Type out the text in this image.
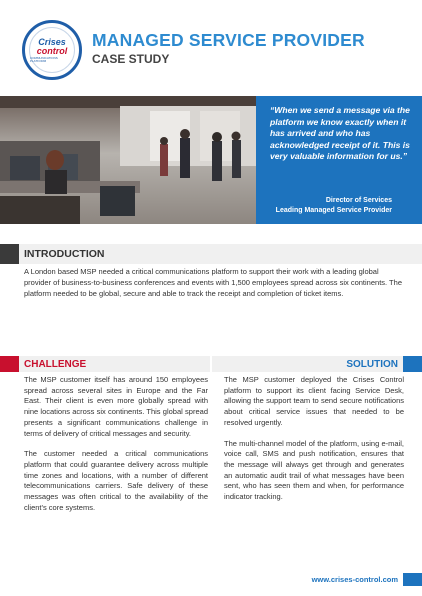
Crises
control
COMMUNICATIONS PLATFORM
MANAGED SERVICE PROVIDER
CASE STUDY

“When we send a message via the platform we know exactly when it has arrived and who has acknowledged receipt of it. This is very valuable information for us.”

Director of Services
Leading Managed Service Provider
INTRODUCTION

A London based MSP needed a critical communications platform to support their work with a leading global provider of business-to-business conferences and events with 1,500 employees spread across six continents. The platform needed to be global, secure and able to track the receipt and completion of ticket items.

CHALLENGE	SOLUTION

The MSP customer itself has around 150 employees spread across several sites in Europe and the Far East. Their client is even more globally spread with nine locations across six continents. This global spread presents a significant communications challenge in terms of delivery of critical messages and security.

The customer needed a critical communications platform that could guarantee delivery across multiple time zones and locations, with a number of different telecommunications carriers. Safe delivery of these messages was often critical to the availability of the client's core systems.

The MSP customer deployed the Crises Control platform to support its client facing Service Desk, allowing the support team to send secure notifications about critical service issues that needed to be resolved urgently.

The multi-channel model of the platform, using e-mail, voice call, SMS and push notification, ensures that the message will always get through and generates an automatic audit trail of what messages have been sent, who has seen them and when, for performance indicator tracking.

www.crises-control.com
